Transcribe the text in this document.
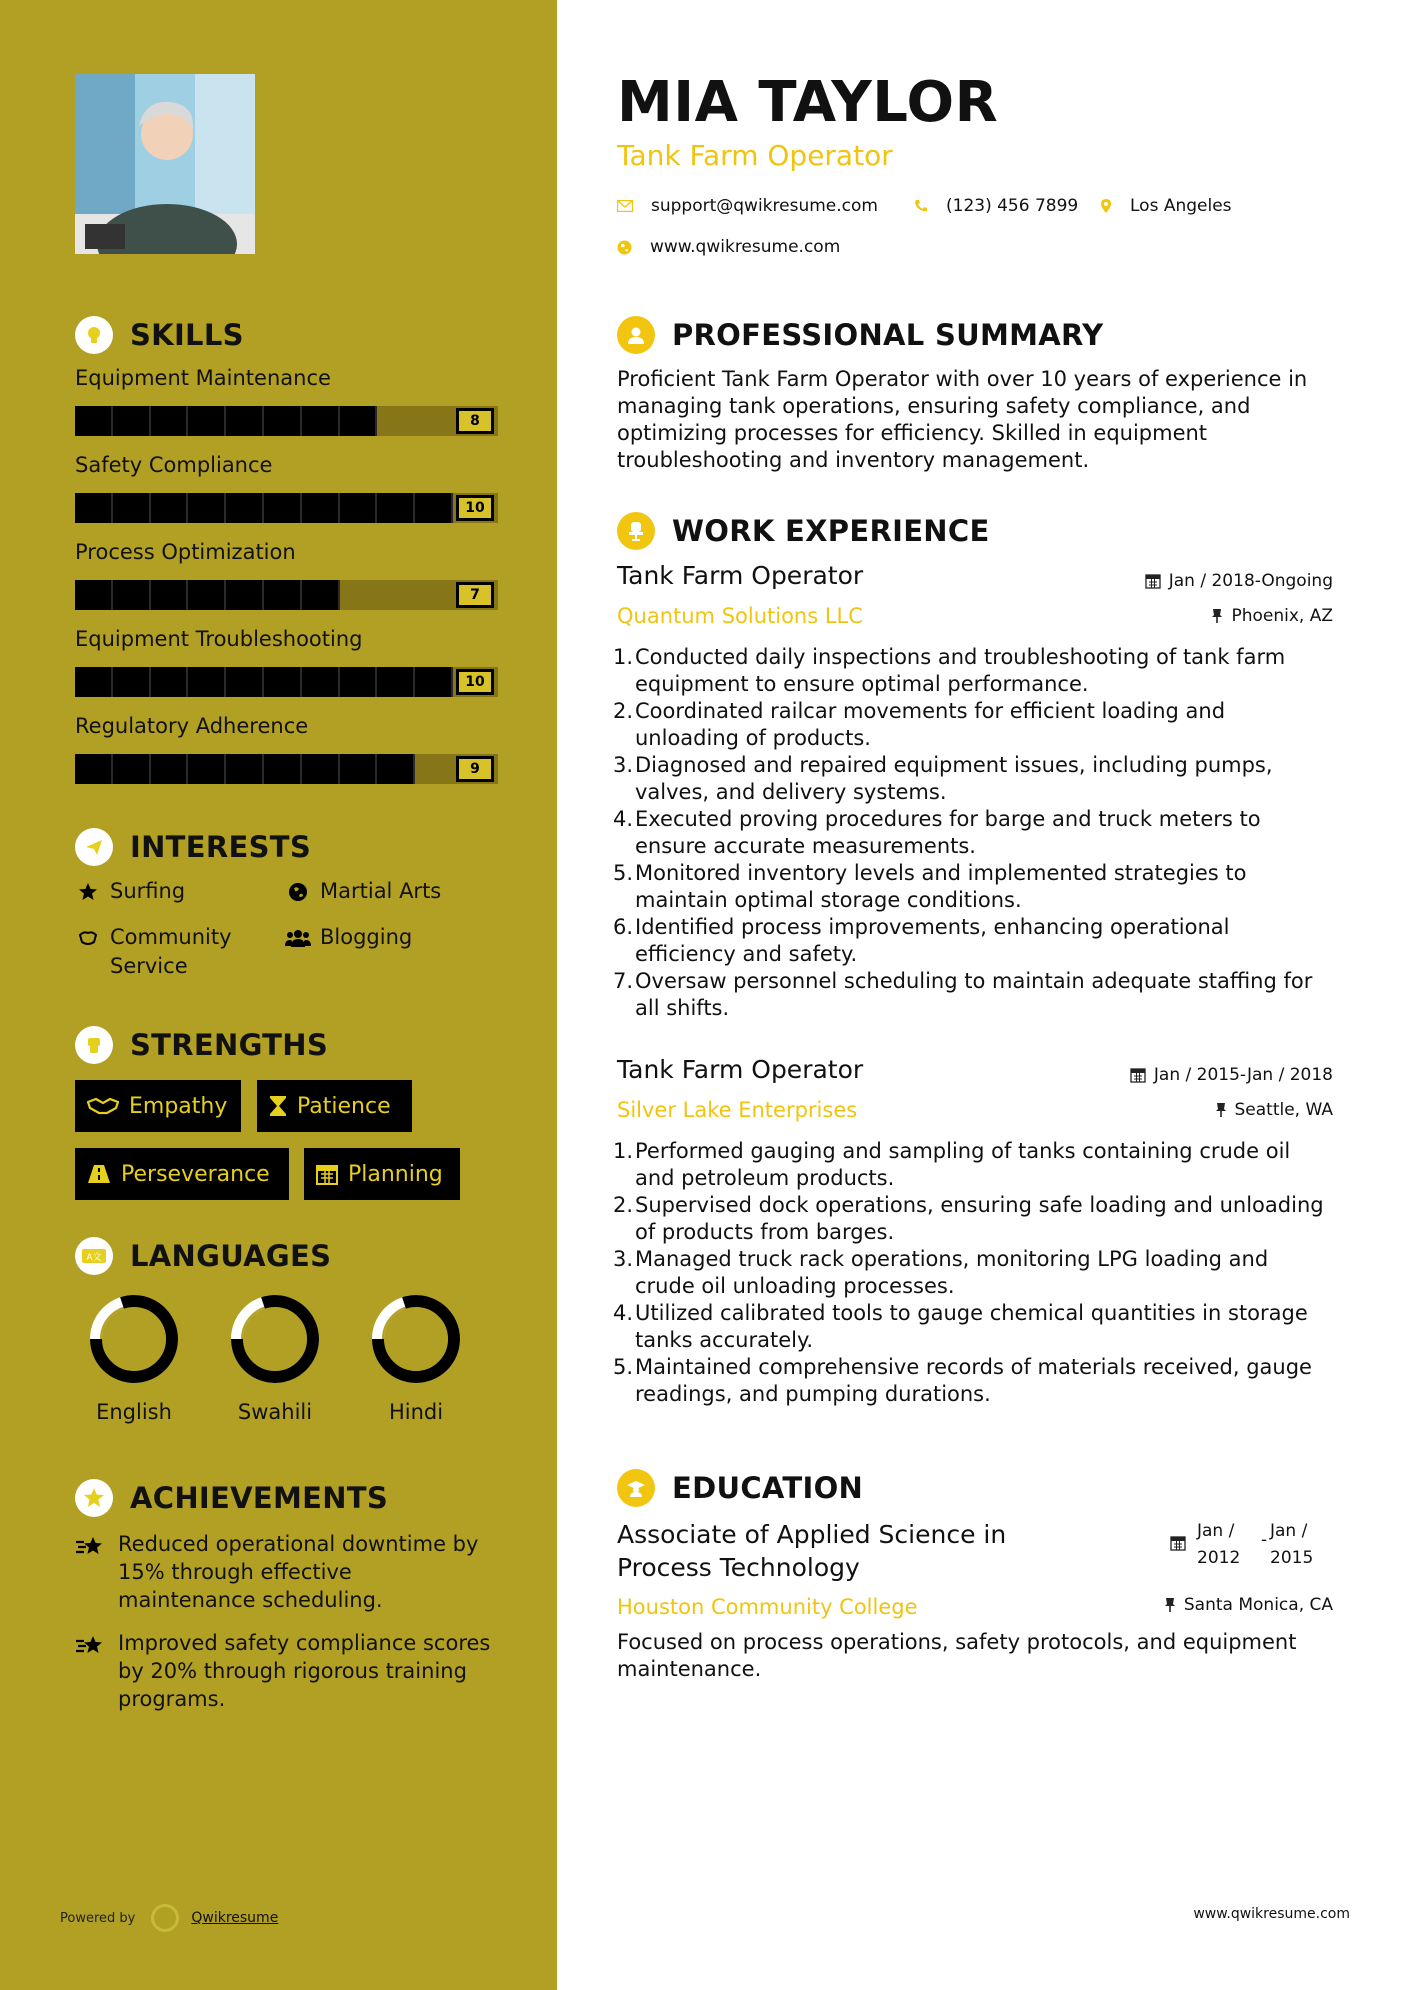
SKILLS
Equipment Maintenance
8
Safety Compliance
10
Process Optimization
7
Equipment Troubleshooting
10
Regulatory Adherence
9
INTERESTS
Surfing	Martial Arts
Community Service
Blogging
STRENGTHS
Empathy	Patience
Perseverance	Planning
A文 LANGUAGES
English	Swahili	Hindi
ACHIEVEMENTS
Reduced operational downtime by 15% through effective maintenance scheduling.
Improved safety compliance scores by 20% through rigorous training programs.
Powered by	Qwikresume
MIA TAYLOR
Tank Farm Operator
support@qwikresume.com	(123) 456 7899	Los Angeles
www.qwikresume.com
PROFESSIONAL SUMMARY
Proficient Tank Farm Operator with over 10 years of experience in managing tank operations, ensuring safety compliance, and optimizing processes for efficiency. Skilled in equipment troubleshooting and inventory management.
WORK EXPERIENCE
Tank Farm Operator
Quantum Solutions LLC
Jan / 2018-Ongoing
Phoenix, AZ
Conducted daily inspections and troubleshooting of tank farm equipment to ensure optimal performance.
Coordinated railcar movements for efficient loading and unloading of products.
Diagnosed and repaired equipment issues, including pumps, valves, and delivery systems.
Executed proving procedures for barge and truck meters to ensure accurate measurements.
Monitored inventory levels and implemented strategies to maintain optimal storage conditions.
Identified process improvements, enhancing operational efficiency and safety.
Oversaw personnel scheduling to maintain adequate staffing for all shifts.
Tank Farm Operator
Silver Lake Enterprises
Jan / 2015-Jan / 2018
Seattle, WA
Performed gauging and sampling of tanks containing crude oil and petroleum products.
Supervised dock operations, ensuring safe loading and unloading of products from barges.
Managed truck rack operations, monitoring LPG loading and crude oil unloading processes.
Utilized calibrated tools to gauge chemical quantities in storage tanks accurately.
Maintained comprehensive records of materials received, gauge readings, and pumping durations.
EDUCATION
Associate of Applied Science in Process Technology
Houston Community College
Jan /
2012
- Jan /
2015
Santa Monica, CA
Focused on process operations, safety protocols, and equipment maintenance.
www.qwikresume.com
